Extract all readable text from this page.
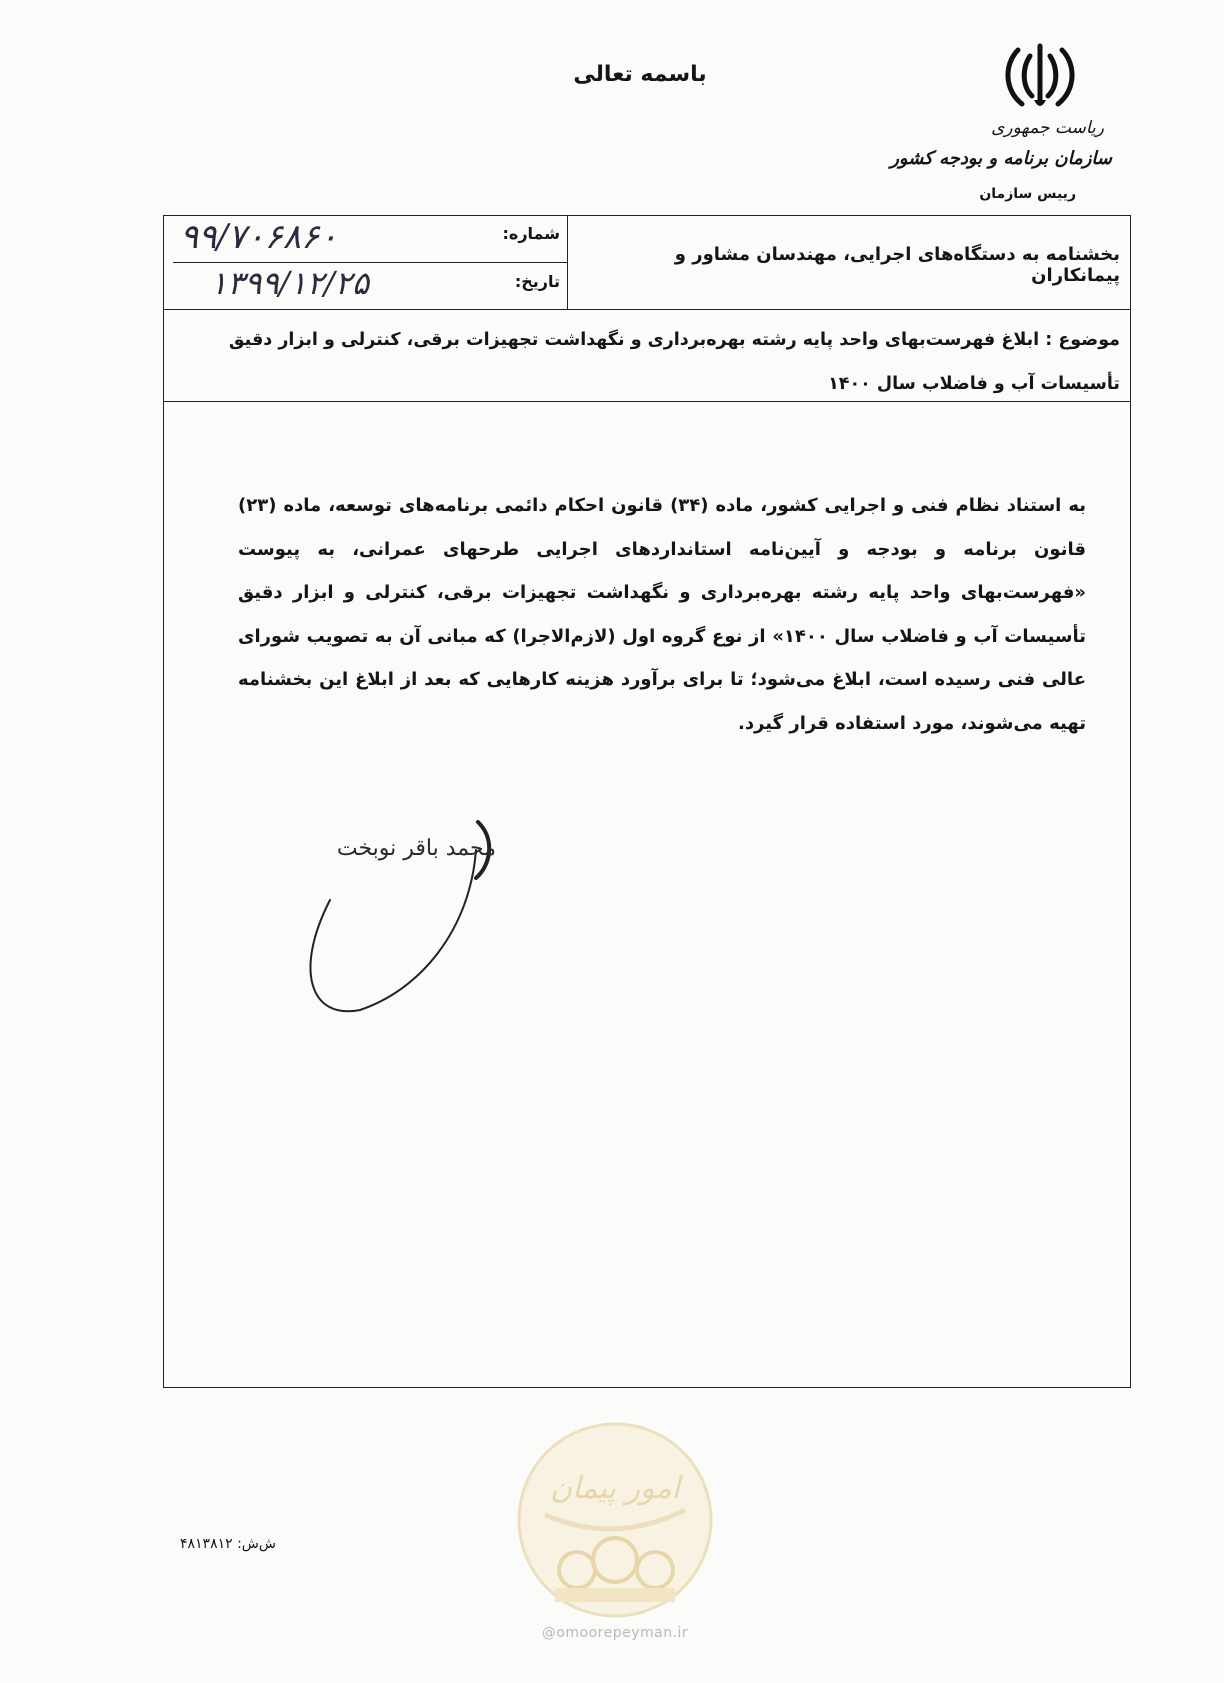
باسمه تعالی
ریاست جمهوری
سازمان برنامه و بودجه کشور
رییس سازمان
بخشنامه به دستگاه‌های اجرایی، مهندسان مشاور و پیمانکاران
شماره:
۹۹/۷۰۶۸۶۰
تاریخ:
۱۳۹۹/۱۲/۲۵
موضوع : ابلاغ فهرست‌بهای واحد پایه رشته بهره‌برداری و نگهداشت تجهیزات برقی، کنترلی و ابزار دقیق تأسیسات آب و فاضلاب سال ۱۴۰۰
به استناد نظام فنی و اجرایی کشور، ماده (۳۴) قانون احکام دائمی برنامه‌های توسعه، ماده (۲۳) قانون برنامه و بودجه و آیین‌نامه استانداردهای اجرایی طرحهای عمرانی، به پیوست «فهرست‌بهای واحد پایه رشته بهره‌برداری و نگهداشت تجهیزات برقی، کنترلی و ابزار دقیق تأسیسات آب و فاضلاب سال ۱۴۰۰» از نوع گروه اول (لازم‌الاجرا) که مبانی آن به تصویب شورای عالی فنی رسیده است، ابلاغ می‌شود؛ تا برای برآورد هزینه کارهایی که بعد از ابلاغ این بخشنامه تهیه می‌شوند، مورد استفاده قرار گیرد.
محمد باقر نوبخت
ش‌ش: ۴۸۱۳۸۱۲
امور پیمان
@omoorepeyman.ir
